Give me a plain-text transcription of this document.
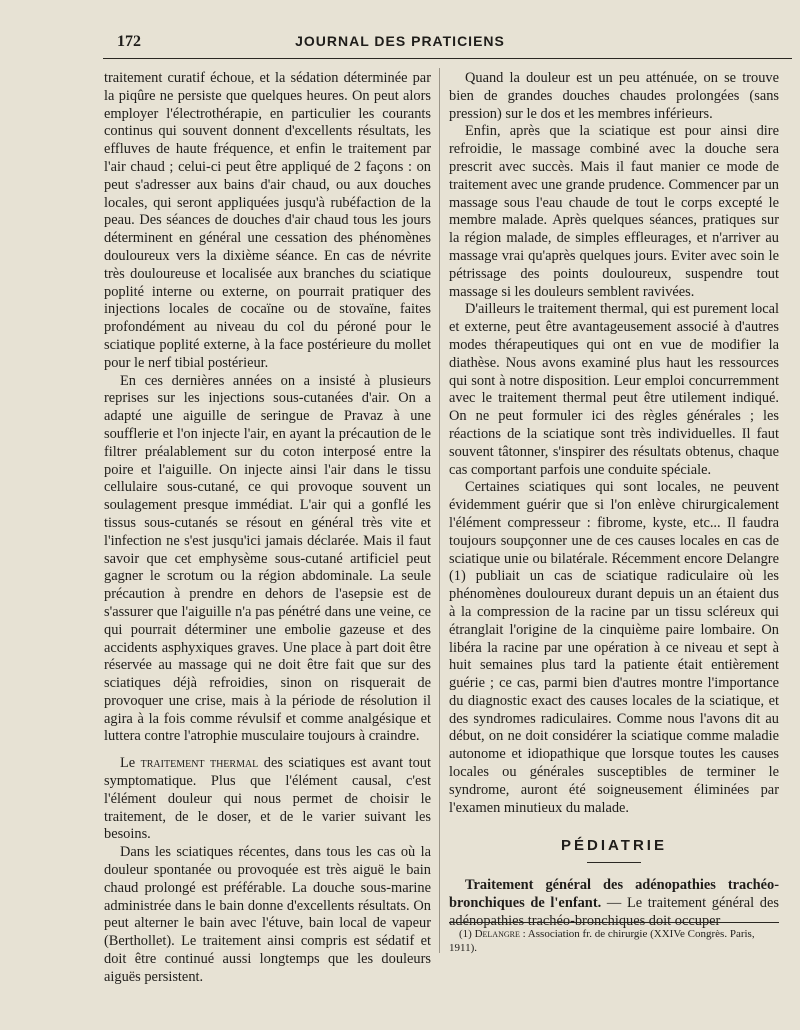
172	JOURNAL DES PRATICIENS

traitement curatif échoue, et la sédation déterminée par la piqûre ne persiste que quelques heures. On peut alors employer l'électrothérapie, en particulier les courants continus qui souvent donnent d'excellents résultats, les effluves de haute fréquence, et enfin le traitement par l'air chaud ; celui-ci peut être appliqué de 2 façons : on peut s'adresser aux bains d'air chaud, ou aux douches locales, qui seront appliquées jusqu'à rubéfaction de la peau. Des séances de douches d'air chaud tous les jours déterminent en général une cessation des phénomènes douloureux vers la dixième séance. En cas de névrite très douloureuse et localisée aux branches du sciatique poplité interne ou externe, on pourrait pratiquer des injections locales de cocaïne ou de stovaïne, faites profondément au niveau du col du péroné pour le sciatique poplité externe, à la face postérieure du mollet pour le nerf tibial postérieur.

En ces dernières années on a insisté à plusieurs reprises sur les injections sous-cutanées d'air. On a adapté une aiguille de seringue de Pravaz à une soufflerie et l'on injecte l'air, en ayant la précaution de le filtrer préalablement sur du coton interposé entre la poire et l'aiguille. On injecte ainsi l'air dans le tissu cellulaire sous-cutané, ce qui provoque souvent un soulagement presque immédiat. L'air qui a gonflé les tissus sous-cutanés se résout en général très vite et l'infection ne s'est jusqu'ici jamais déclarée. Mais il faut savoir que cet emphysème sous-cutané artificiel peut gagner le scrotum ou la région abdominale. La seule précaution à prendre en dehors de l'asepsie est de s'assurer que l'aiguille n'a pas pénétré dans une veine, ce qui pourrait déterminer une embolie gazeuse et des accidents asphyxiques graves. Une place à part doit être réservée au massage qui ne doit être fait que sur des sciatiques déjà refroidies, sinon on risquerait de provoquer une crise, mais à la période de résolution il agira à la fois comme révulsif et comme analgésique et luttera contre l'atrophie musculaire toujours à craindre.

Le traitement thermal des sciatiques est avant tout symptomatique. Plus que l'élément causal, c'est l'élément douleur qui nous permet de choisir le traitement, de le doser, et de le varier suivant les besoins.

Dans les sciatiques récentes, dans tous les cas où la douleur spontanée ou provoquée est très aiguë le bain chaud prolongé est préférable. La douche sous-marine administrée dans le bain donne d'excellents résultats. On peut alterner le bain avec l'étuve, bain local de vapeur (Berthollet). Le traitement ainsi compris est sédatif et doit être continué aussi longtemps que les douleurs aiguës persistent.

Quand la douleur est un peu atténuée, on se trouve bien de grandes douches chaudes prolongées (sans pression) sur le dos et les membres inférieurs.

Enfin, après que la sciatique est pour ainsi dire refroidie, le massage combiné avec la douche sera prescrit avec succès. Mais il faut manier ce mode de traitement avec une grande prudence. Commencer par un massage sous l'eau chaude de tout le corps excepté le membre malade. Après quelques séances, pratiques sur la région malade, de simples effleurages, et n'arriver au massage vrai qu'après quelques jours. Eviter avec soin le pétrissage des points douloureux, suspendre tout massage si les douleurs semblent ravivées.

D'ailleurs le traitement thermal, qui est purement local et externe, peut être avantageusement associé à d'autres modes thérapeutiques qui ont en vue de modifier la diathèse. Nous avons examiné plus haut les ressources qui sont à notre disposition. Leur emploi concurremment avec le traitement thermal peut être utilement indiqué. On ne peut formuler ici des règles générales ; les réactions de la sciatique sont très individuelles. Il faut souvent tâtonner, s'inspirer des résultats obtenus, chaque cas comportant parfois une conduite spéciale.

Certaines sciatiques qui sont locales, ne peuvent évidemment guérir que si l'on enlève chirurgicalement l'élément compresseur : fibrome, kyste, etc... Il faudra toujours soupçonner une de ces causes locales en cas de sciatique unie ou bilatérale. Récemment encore Delangre (1) publiait un cas de sciatique radiculaire où les phénomènes douloureux durant depuis un an étaient dus à la compression de la racine par un tissu scléreux qui étranglait l'origine de la cinquième paire lombaire. On libéra la racine par une opération à ce niveau et sept à huit semaines plus tard la patiente était entièrement guérie ; ce cas, parmi bien d'autres montre l'importance du diagnostic exact des causes locales de la sciatique, et des syndromes radiculaires. Comme nous l'avons dit au début, on ne doit considérer la sciatique comme maladie autonome et idiopathique que lorsque toutes les causes locales ou générales susceptibles de terminer le syndrome, auront été soigneusement éliminées par l'examen minutieux du malade.

PÉDIATRIE

Traitement général des adénopathies trachéo-bronchiques de l'enfant. — Le traitement général des adénopathies trachéo-bronchiques doit occuper

(1) Delangre : Association fr. de chirurgie (XXIVe Congrès. Paris, 1911).
